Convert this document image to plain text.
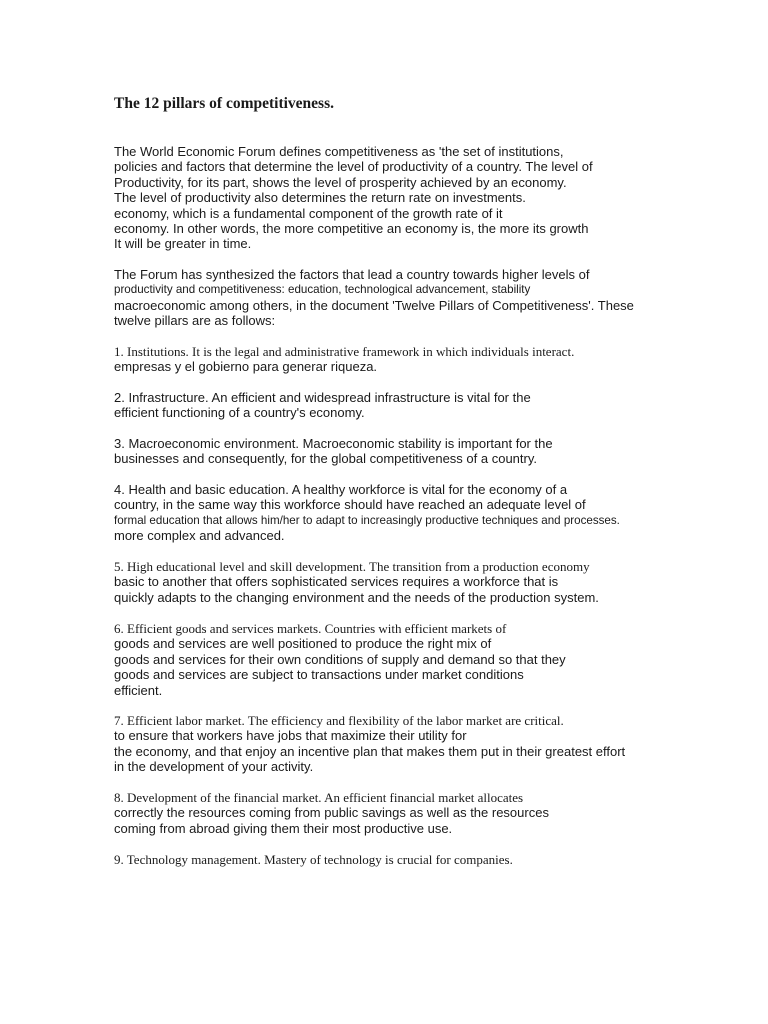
The 12 pillars of competitiveness.
The World Economic Forum defines competitiveness as 'the set of institutions,
policies and factors that determine the level of productivity of a country. The level of
Productivity, for its part, shows the level of prosperity achieved by an economy.
The level of productivity also determines the return rate on investments.
economy, which is a fundamental component of the growth rate of it
economy. In other words, the more competitive an economy is, the more its growth
It will be greater in time.
The Forum has synthesized the factors that lead a country towards higher levels of
productivity and competitiveness: education, technological advancement, stability
macroeconomic among others, in the document 'Twelve Pillars of Competitiveness'. These
twelve pillars are as follows:
1. Institutions. It is the legal and administrative framework in which individuals interact.
empresas y el gobierno para generar riqueza.
2. Infrastructure. An efficient and widespread infrastructure is vital for the
efficient functioning of a country's economy.
3. Macroeconomic environment. Macroeconomic stability is important for the
businesses and consequently, for the global competitiveness of a country.
4. Health and basic education. A healthy workforce is vital for the economy of a
country, in the same way this workforce should have reached an adequate level of
formal education that allows him/her to adapt to increasingly productive techniques and processes.
more complex and advanced.
5. High educational level and skill development. The transition from a production economy
basic to another that offers sophisticated services requires a workforce that is
quickly adapts to the changing environment and the needs of the production system.
6. Efficient goods and services markets. Countries with efficient markets of
goods and services are well positioned to produce the right mix of
goods and services for their own conditions of supply and demand so that they
goods and services are subject to transactions under market conditions
efficient.
7. Efficient labor market. The efficiency and flexibility of the labor market are critical.
to ensure that workers have jobs that maximize their utility for
the economy, and that enjoy an incentive plan that makes them put in their greatest effort
in the development of your activity.
8. Development of the financial market. An efficient financial market allocates
correctly the resources coming from public savings as well as the resources
coming from abroad giving them their most productive use.
9. Technology management. Mastery of technology is crucial for companies.
